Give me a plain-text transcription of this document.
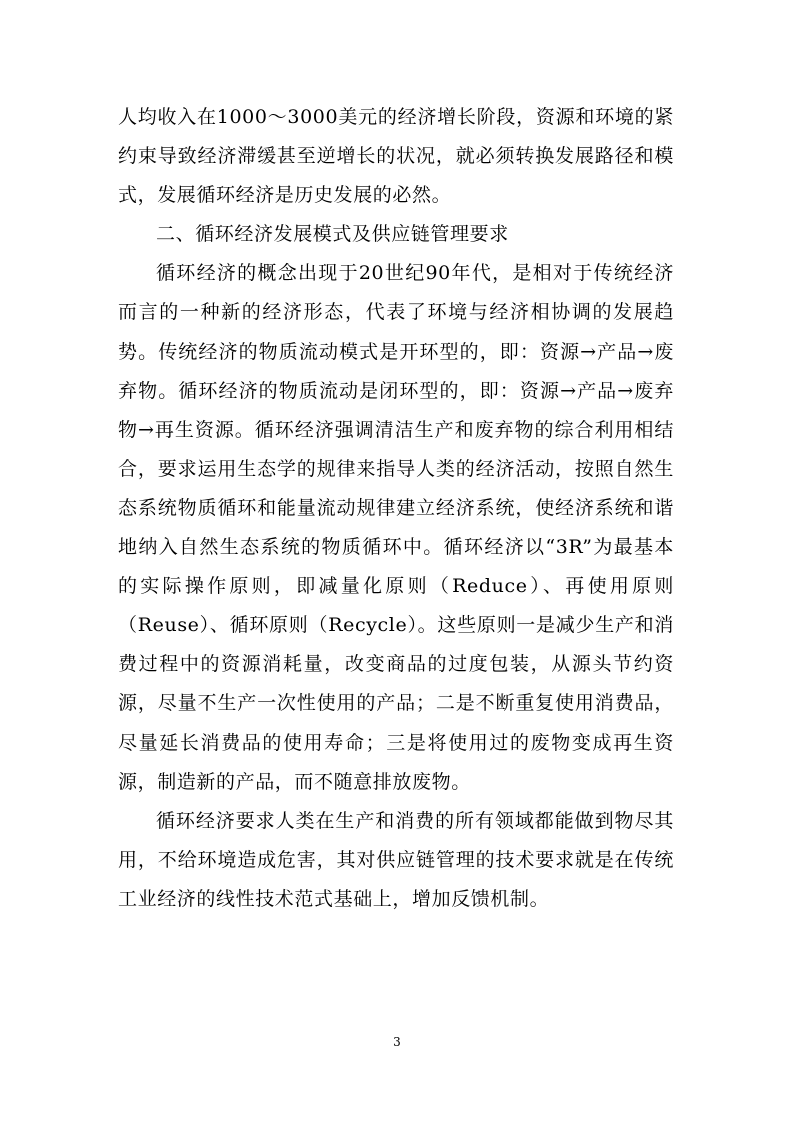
人均收入在1000～3000美元的经济增长阶段，资源和环境的紧约束导致经济滞缓甚至逆增长的状况，就必须转换发展路径和模式，发展循环经济是历史发展的必然。

二、循环经济发展模式及供应链管理要求

循环经济的概念出现于20世纪90年代，是相对于传统经济而言的一种新的经济形态，代表了环境与经济相协调的发展趋势。传统经济的物质流动模式是开环型的，即：资源→产品→废弃物。循环经济的物质流动是闭环型的，即：资源→产品→废弃物→再生资源。循环经济强调清洁生产和废弃物的综合利用相结合，要求运用生态学的规律来指导人类的经济活动，按照自然生态系统物质循环和能量流动规律建立经济系统，使经济系统和谐地纳入自然生态系统的物质循环中。循环经济以“3R”为最基本的实际操作原则，即减量化原则（Reduce）、再使用原则（Reuse）、循环原则（Recycle）。这些原则一是减少生产和消费过程中的资源消耗量，改变商品的过度包装，从源头节约资源，尽量不生产一次性使用的产品；二是不断重复使用消费品，尽量延长消费品的使用寿命；三是将使用过的废物变成再生资源，制造新的产品，而不随意排放废物。

循环经济要求人类在生产和消费的所有领域都能做到物尽其用，不给环境造成危害，其对供应链管理的技术要求就是在传统工业经济的线性技术范式基础上，增加反馈机制。

3
